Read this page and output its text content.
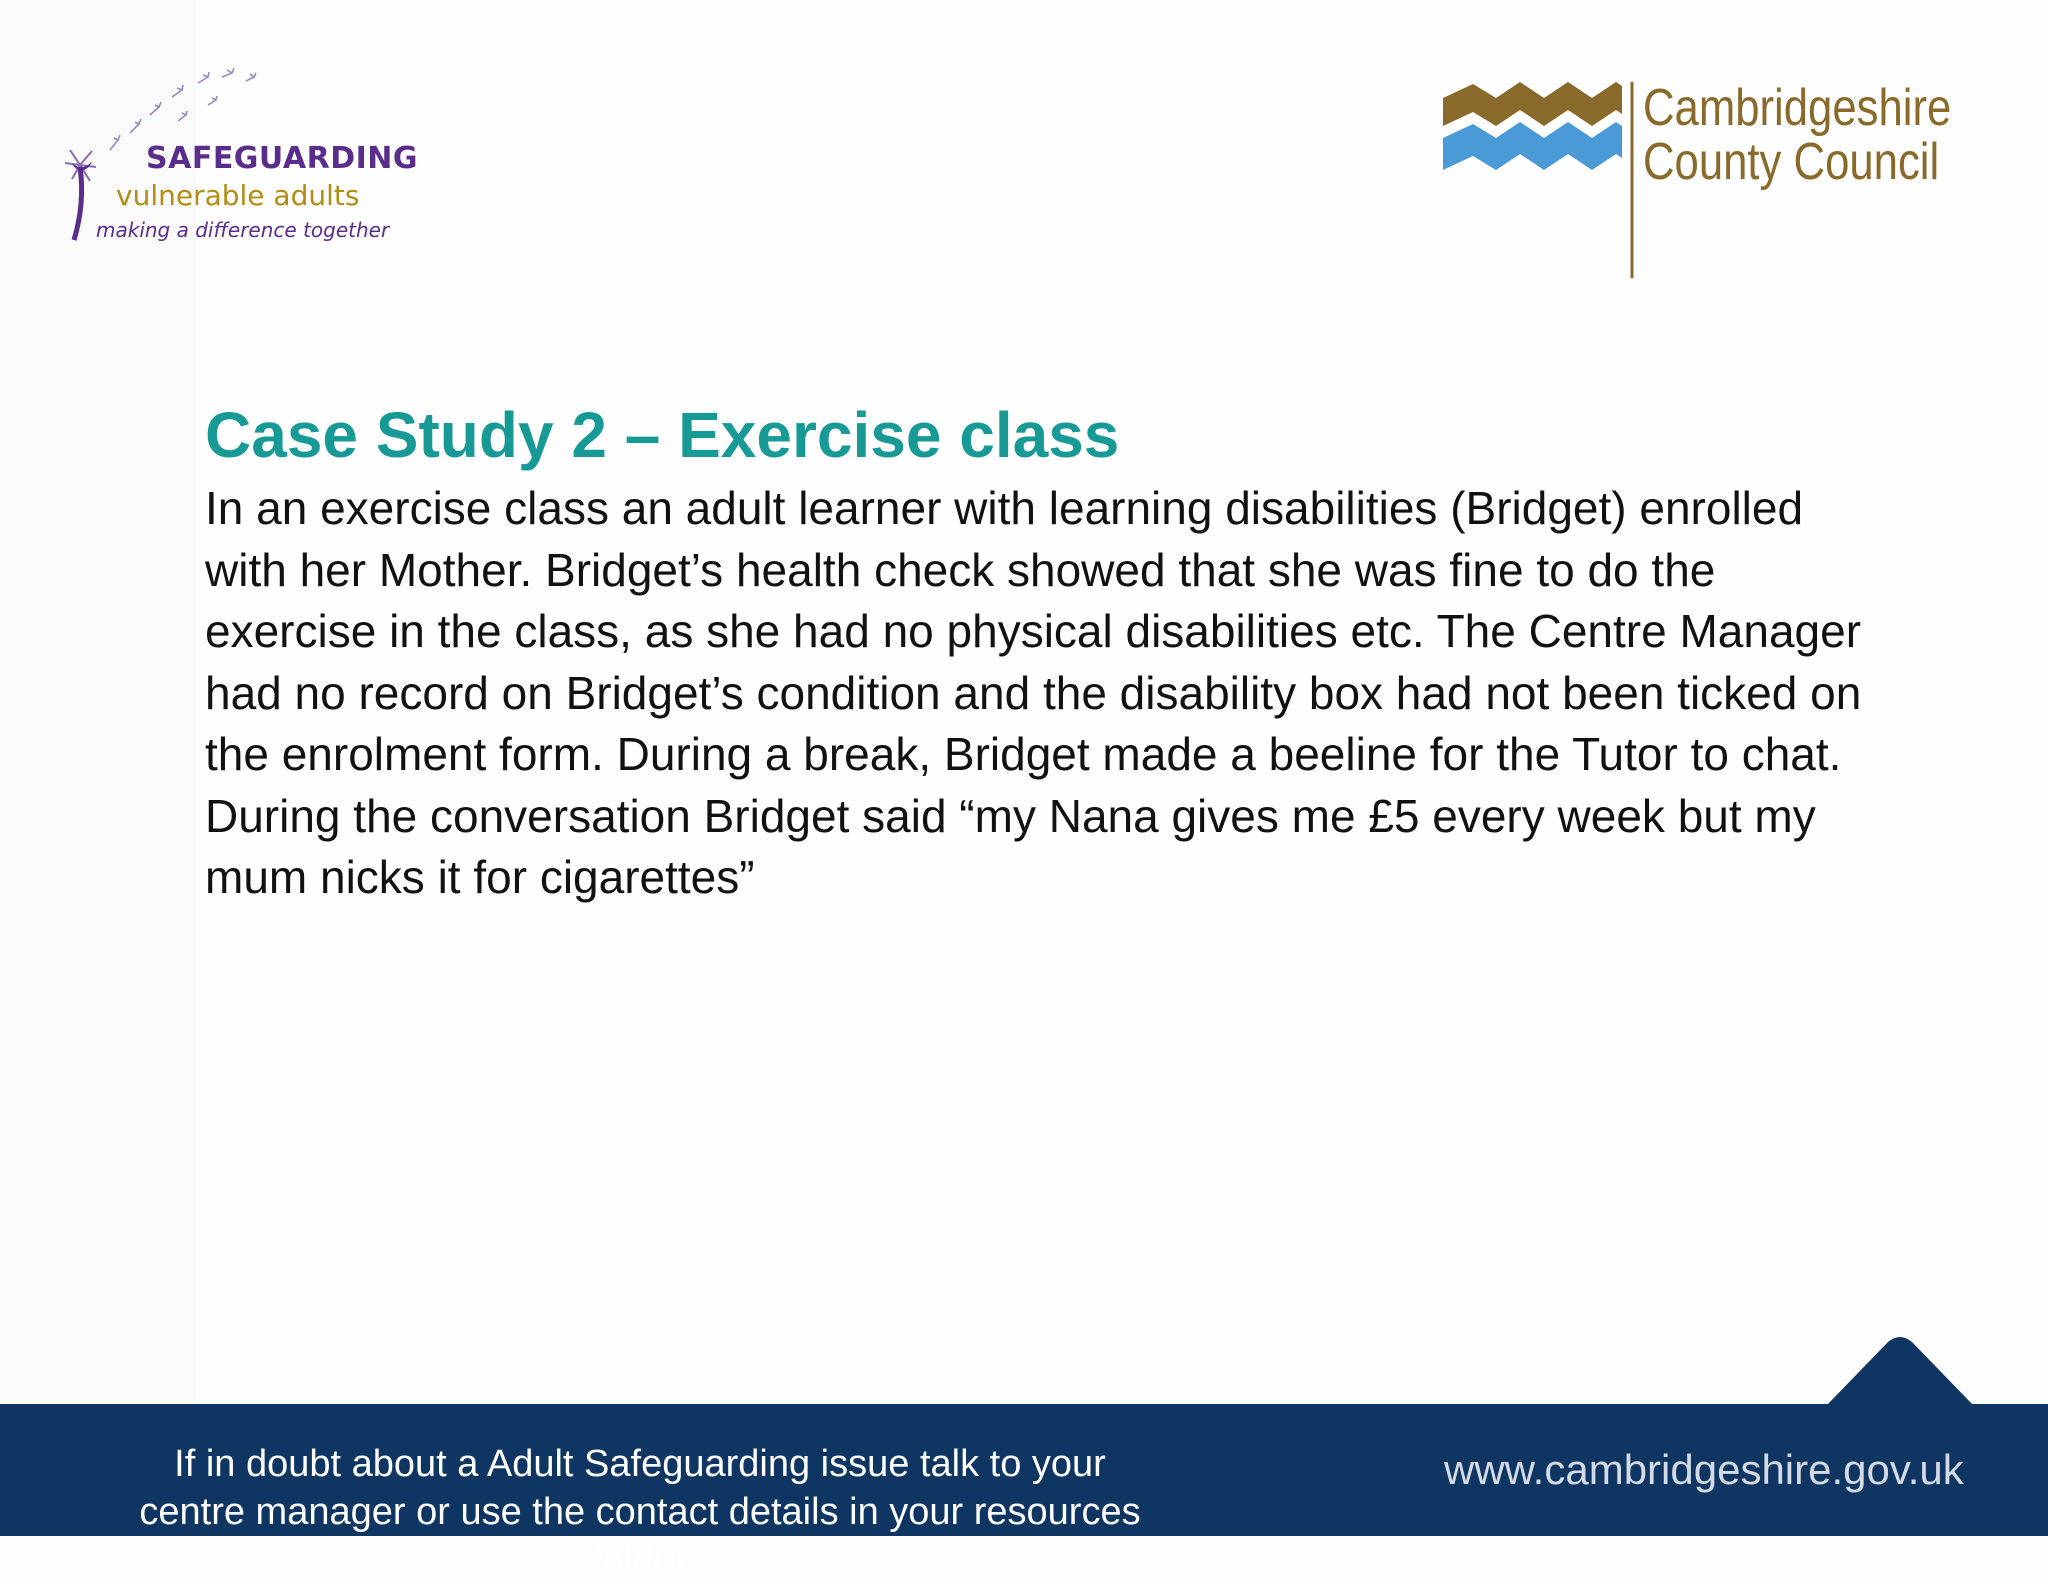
SAFEGUARDING
vulnerable adults
making a difference together
Cambridgeshire
County Council
Case Study 2 – Exercise class

In an exercise class an adult learner with learning disabilities (Bridget) enrolled with her Mother. Bridget’s health check showed that she was fine to do the exercise in the class, as she had no physical disabilities etc. The Centre Manager had no record on Bridget’s condition and the disability box had not been ticked on the enrolment form. During a break, Bridget made a beeline for the Tutor to chat. During the conversation Bridget said “my Nana gives me £5 every week but my mum nicks it for cigarettes”

If in doubt about a Adult Safeguarding issue talk to your centre manager or use the contact details in your resources folder

www.cambridgeshire.gov.uk
